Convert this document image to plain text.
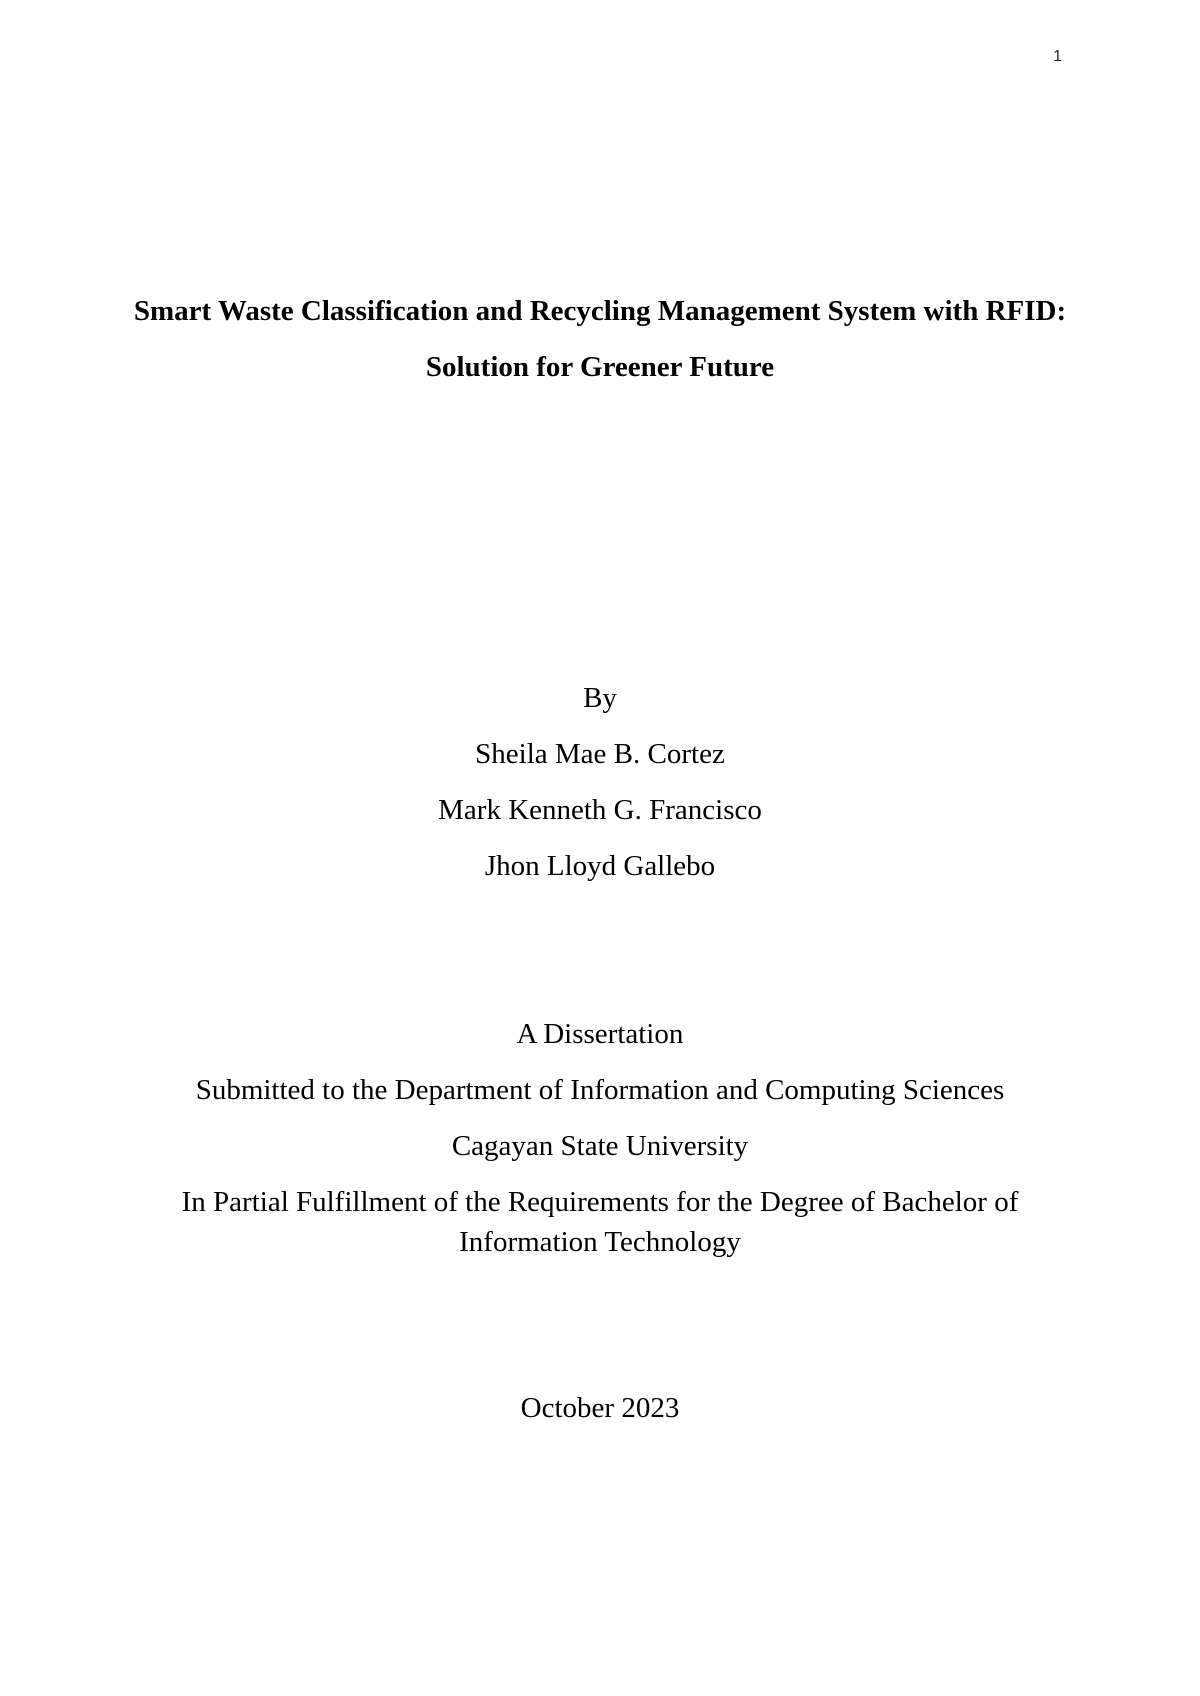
1
Smart Waste Classification and Recycling Management System with RFID:
Solution for Greener Future
By
Sheila Mae B. Cortez
Mark Kenneth G. Francisco
Jhon Lloyd Gallebo
A Dissertation
Submitted to the Department of Information and Computing Sciences
Cagayan State University
In Partial Fulfillment of the Requirements for the Degree of Bachelor of Information Technology
October 2023
